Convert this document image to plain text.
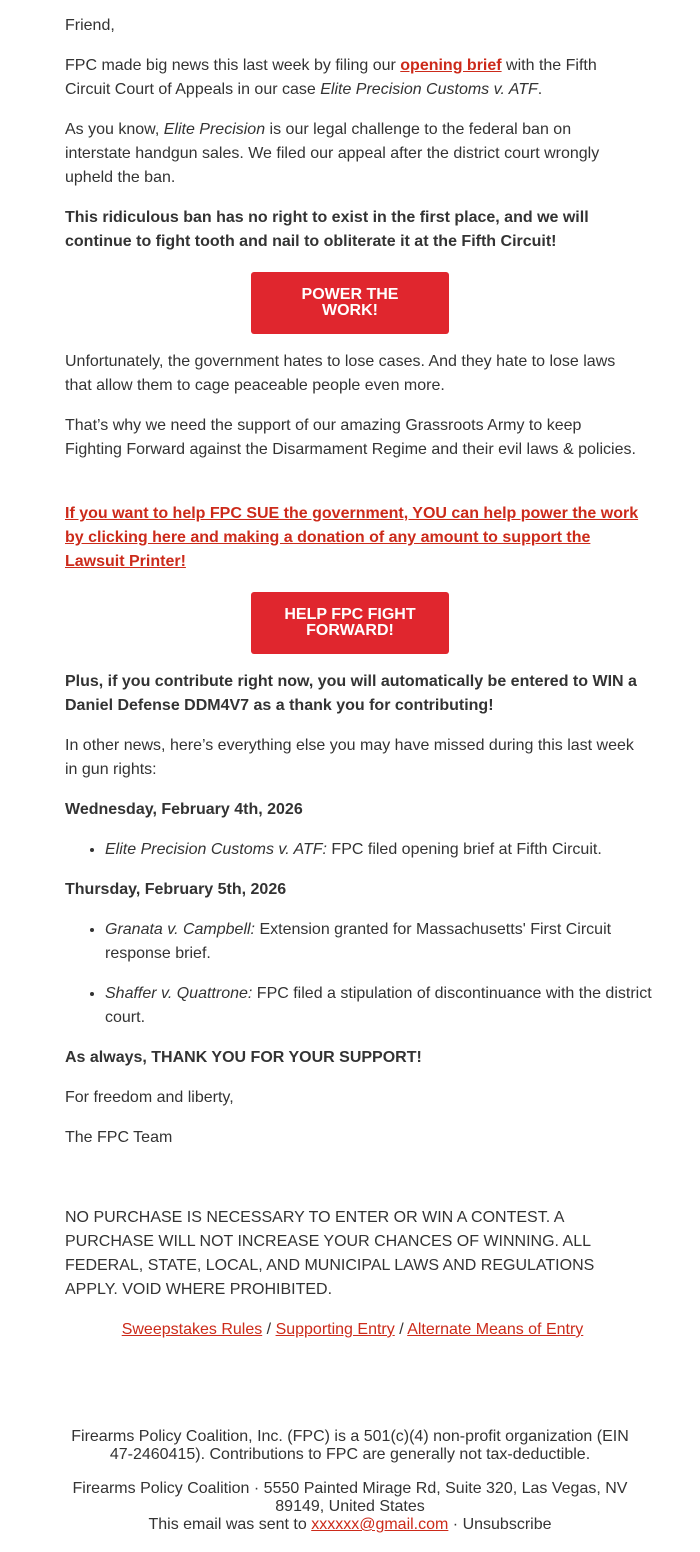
Friend,

FPC made big news this last week by filing our opening brief with the Fifth Circuit Court of Appeals in our case Elite Precision Customs v. ATF.

As you know, Elite Precision is our legal challenge to the federal ban on interstate handgun sales. We filed our appeal after the district court wrongly upheld the ban.

This ridiculous ban has no right to exist in the first place, and we will continue to fight tooth and nail to obliterate it at the Fifth Circuit!

POWER THE WORK!

Unfortunately, the government hates to lose cases. And they hate to lose laws that allow them to cage peaceable people even more.

That’s why we need the support of our amazing Grassroots Army to keep Fighting Forward against the Disarmament Regime and their evil laws & policies.

If you want to help FPC SUE the government, YOU can help power the work by clicking here and making a donation of any amount to support the Lawsuit Printer!

HELP FPC FIGHT FORWARD!

Plus, if you contribute right now, you will automatically be entered to WIN a Daniel Defense DDM4V7 as a thank you for contributing!

In other news, here’s everything else you may have missed during this last week in gun rights:

Wednesday, February 4th, 2026

• Elite Precision Customs v. ATF: FPC filed opening brief at Fifth Circuit.

Thursday, February 5th, 2026

• Granata v. Campbell: Extension granted for Massachusetts' First Circuit response brief.
• Shaffer v. Quattrone: FPC filed a stipulation of discontinuance with the district court.

As always, THANK YOU FOR YOUR SUPPORT!

For freedom and liberty,

The FPC Team

NO PURCHASE IS NECESSARY TO ENTER OR WIN A CONTEST. A PURCHASE WILL NOT INCREASE YOUR CHANCES OF WINNING. ALL FEDERAL, STATE, LOCAL, AND MUNICIPAL LAWS AND REGULATIONS APPLY. VOID WHERE PROHIBITED.

Sweepstakes Rules / Supporting Entry / Alternate Means of Entry

Firearms Policy Coalition, Inc. (FPC) is a 501(c)(4) non-profit organization (EIN 47-2460415). Contributions to FPC are generally not tax-deductible.

Firearms Policy Coalition · 5550 Painted Mirage Rd, Suite 320, Las Vegas, NV 89149, United States

This email was sent to xxxxxx@gmail.com · Unsubscribe
